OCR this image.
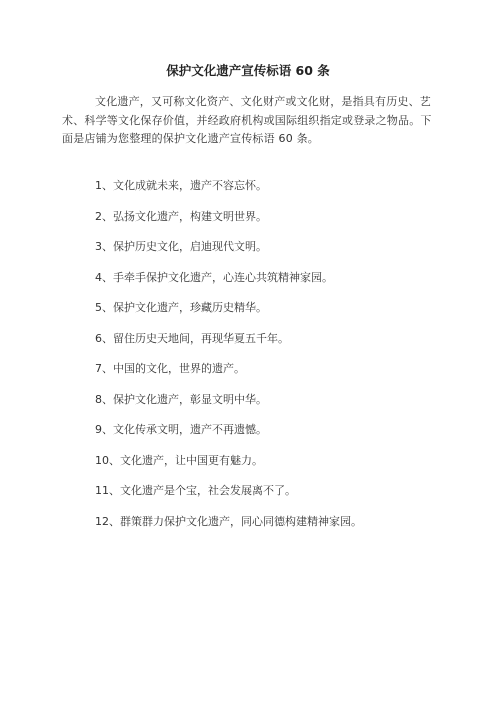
保护文化遗产宣传标语 60 条
文化遗产，又可称文化资产、文化财产或文化财，是指具有历史、艺术、科学等文化保存价值，并经政府机构或国际组织指定或登录之物品。下面是店铺为您整理的保护文化遗产宣传标语 60 条。
1、文化成就未来，遗产不容忘怀。
2、弘扬文化遗产，构建文明世界。
3、保护历史文化，启迪现代文明。
4、手牵手保护文化遗产，心连心共筑精神家园。
5、保护文化遗产，珍藏历史精华。
6、留住历史天地间，再现华夏五千年。
7、中国的文化，世界的遗产。
8、保护文化遗产，彰显文明中华。
9、文化传承文明，遗产不再遗憾。
10、文化遗产，让中国更有魅力。
11、文化遗产是个宝，社会发展离不了。
12、群策群力保护文化遗产，同心同德构建精神家园。
